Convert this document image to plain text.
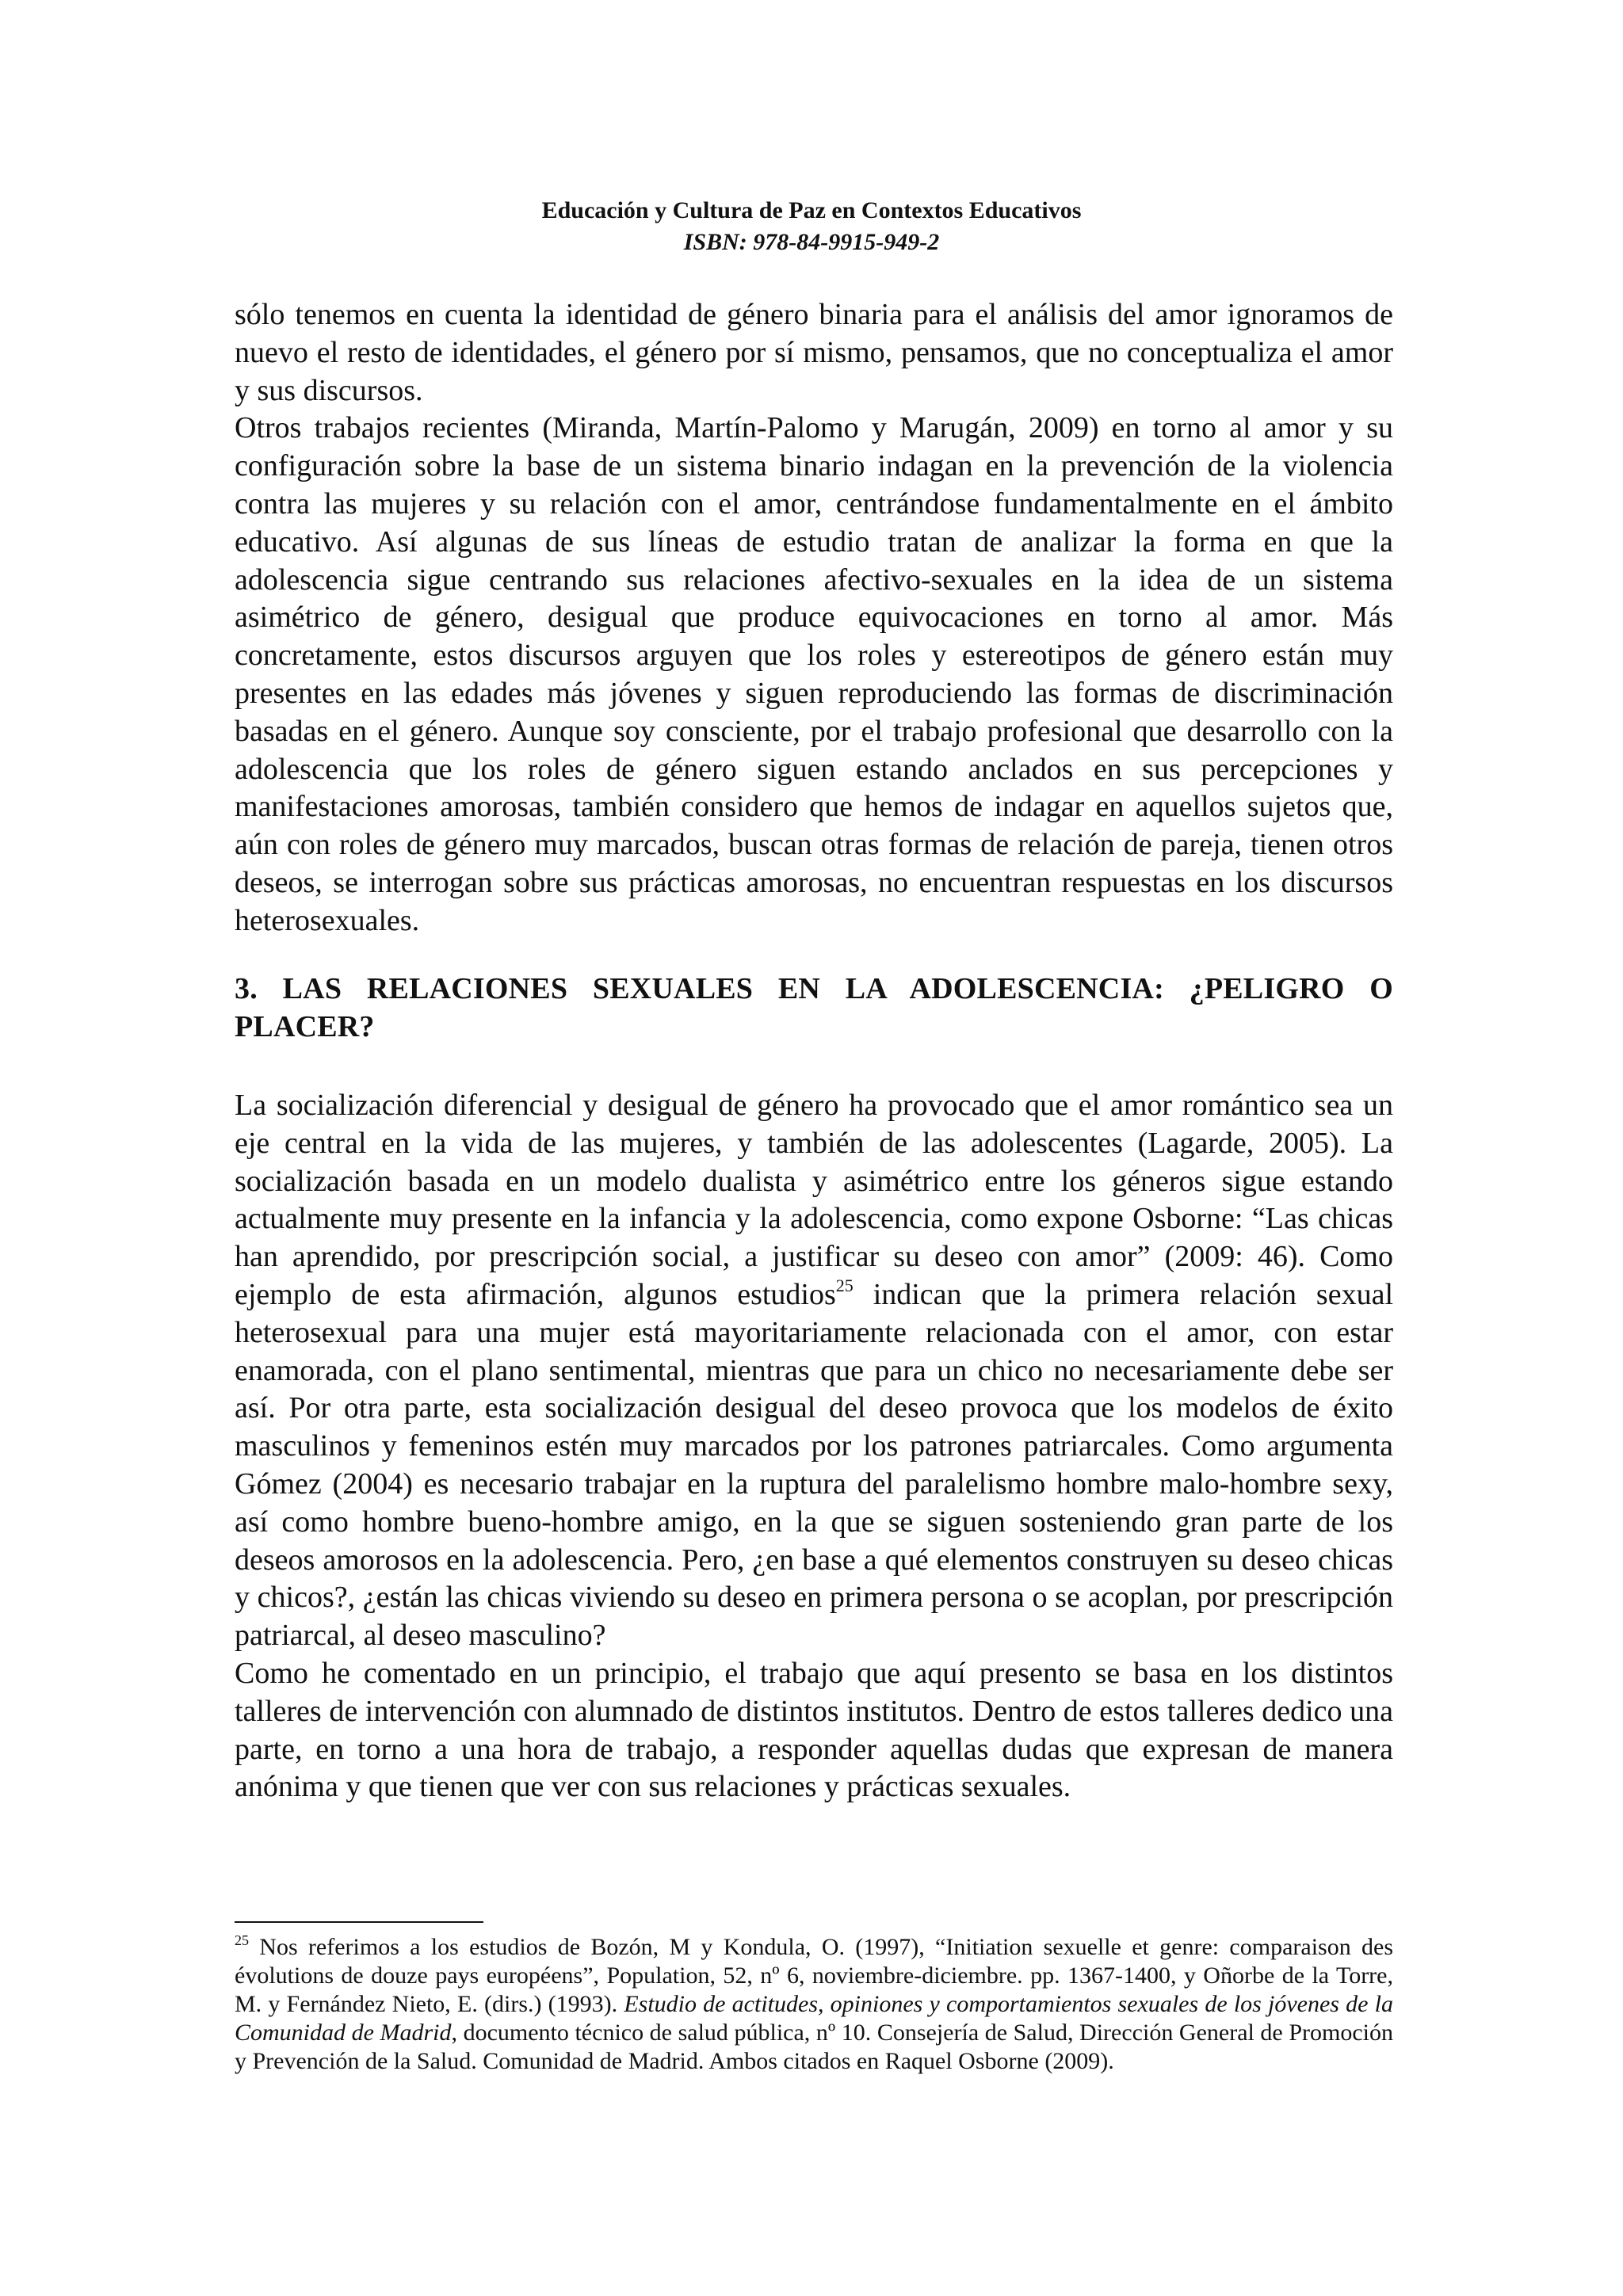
Educación y Cultura de Paz en Contextos Educativos
ISBN: 978-84-9915-949-2

sólo tenemos en cuenta la identidad de género binaria para el análisis del amor ignoramos de nuevo el resto de identidades, el género por sí mismo, pensamos, que no conceptualiza el amor y sus discursos.

Otros trabajos recientes (Miranda, Martín-Palomo y Marugán, 2009) en torno al amor y su configuración sobre la base de un sistema binario indagan en la prevención de la violencia contra las mujeres y su relación con el amor, centrándose fundamentalmente en el ámbito educativo. Así algunas de sus líneas de estudio tratan de analizar la forma en que la adolescencia sigue centrando sus relaciones afectivo-sexuales en la idea de un sistema asimétrico de género, desigual que produce equivocaciones en torno al amor. Más concretamente, estos discursos arguyen que los roles y estereotipos de género están muy presentes en las edades más jóvenes y siguen reproduciendo las formas de discriminación basadas en el género. Aunque soy consciente, por el trabajo profesional que desarrollo con la adolescencia que los roles de género siguen estando anclados en sus percepciones y manifestaciones amorosas, también considero que hemos de indagar en aquellos sujetos que, aún con roles de género muy marcados, buscan otras formas de relación de pareja, tienen otros deseos, se interrogan sobre sus prácticas amorosas, no encuentran respuestas en los discursos heterosexuales.

3. LAS RELACIONES SEXUALES EN LA ADOLESCENCIA: ¿PELIGRO O PLACER?

La socialización diferencial y desigual de género ha provocado que el amor romántico sea un eje central en la vida de las mujeres, y también de las adolescentes (Lagarde, 2005). La socialización basada en un modelo dualista y asimétrico entre los géneros sigue estando actualmente muy presente en la infancia y la adolescencia, como expone Osborne: “Las chicas han aprendido, por prescripción social, a justificar su deseo con amor” (2009: 46). Como ejemplo de esta afirmación, algunos estudios$^{25}$ indican que la primera relación sexual heterosexual para una mujer está mayoritariamente relacionada con el amor, con estar enamorada, con el plano sentimental, mientras que para un chico no necesariamente debe ser así. Por otra parte, esta socialización desigual del deseo provoca que los modelos de éxito masculinos y femeninos estén muy marcados por los patrones patriarcales. Como argumenta Gómez (2004) es necesario trabajar en la ruptura del paralelismo hombre malo-hombre sexy, así como hombre bueno-hombre amigo, en la que se siguen sosteniendo gran parte de los deseos amorosos en la adolescencia. Pero, ¿en base a qué elementos construyen su deseo chicas y chicos?, ¿están las chicas viviendo su deseo en primera persona o se acoplan, por prescripción patriarcal, al deseo masculino?

Como he comentado en un principio, el trabajo que aquí presento se basa en los distintos talleres de intervención con alumnado de distintos institutos. Dentro de estos talleres dedico una parte, en torno a una hora de trabajo, a responder aquellas dudas que expresan de manera anónima y que tienen que ver con sus relaciones y prácticas sexuales.

$^{25}$ Nos referimos a los estudios de Bozón, M y Kondula, O. (1997), “Initiation sexuelle et genre: comparaison des évolutions de douze pays européens”, Population, 52, nº 6, noviembre-diciembre. pp. 1367-1400, y Oñorbe de la Torre, M. y Fernández Nieto, E. (dirs.) (1993). Estudio de actitudes, opiniones y comportamientos sexuales de los jóvenes de la Comunidad de Madrid, documento técnico de salud pública, nº 10. Consejería de Salud, Dirección General de Promoción y Prevención de la Salud. Comunidad de Madrid. Ambos citados en Raquel Osborne (2009).
